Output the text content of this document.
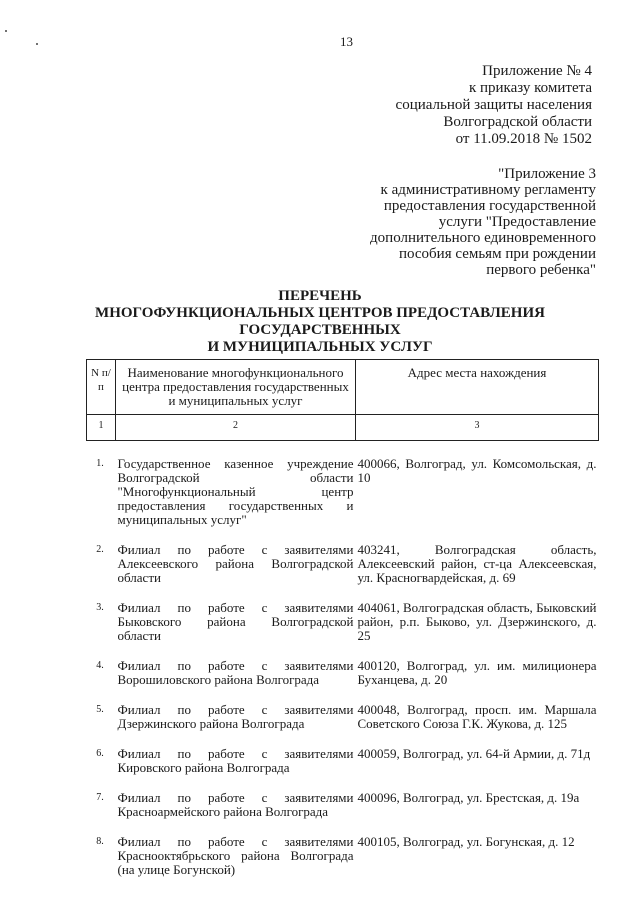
13
Приложение № 4
к приказу комитета
социальной защиты населения
Волгоградской области
от 11.09.2018 № 1502
"Приложение 3
к административному регламенту
предоставления государственной
услуги "Предоставление
дополнительного единовременного
пособия семьям при рождении
первого ребенка"
ПЕРЕЧЕНЬ
МНОГОФУНКЦИОНАЛЬНЫХ ЦЕНТРОВ ПРЕДОСТАВЛЕНИЯ
ГОСУДАРСТВЕННЫХ
И МУНИЦИПАЛЬНЫХ УСЛУГ
N п/п	Наименование многофункционального центра предоставления государственных и муниципальных услуг	Адрес места нахождения
1	2	3

1.	Государственное казенное учреждение Волгоградской области "Многофункциональный центр предоставления государственных и муниципальных услуг"	400066, Волгоград, ул. Комсомольская, д. 10

2.	Филиал по работе с заявителями Алексеевского района Волгоградской области	403241, Волгоградская область, Алексеевский район, ст-ца Алексеевская, ул. Красногвардейская, д. 69

3.	Филиал по работе с заявителями Быковского района Волгоградской области	404061, Волгоградская область, Быковский район, р.п. Быково, ул. Дзержинского, д. 25

4.	Филиал по работе с заявителями Ворошиловского района Волгограда	400120, Волгоград, ул. им. милиционера Буханцева, д. 20

5.	Филиал по работе с заявителями Дзержинского района Волгограда	400048, Волгоград, просп. им. Маршала Советского Союза Г.К. Жукова, д. 125

6.	Филиал по работе с заявителями Кировского района Волгограда	400059, Волгоград, ул. 64-й Армии, д. 71д

7.	Филиал по работе с заявителями Красноармейского района Волгограда	400096, Волгоград, ул. Брестская, д. 19а

8.	Филиал по работе с заявителями Краснооктябрьского района Волгограда (на улице Богунской)	400105, Волгоград, ул. Богунская, д. 12
